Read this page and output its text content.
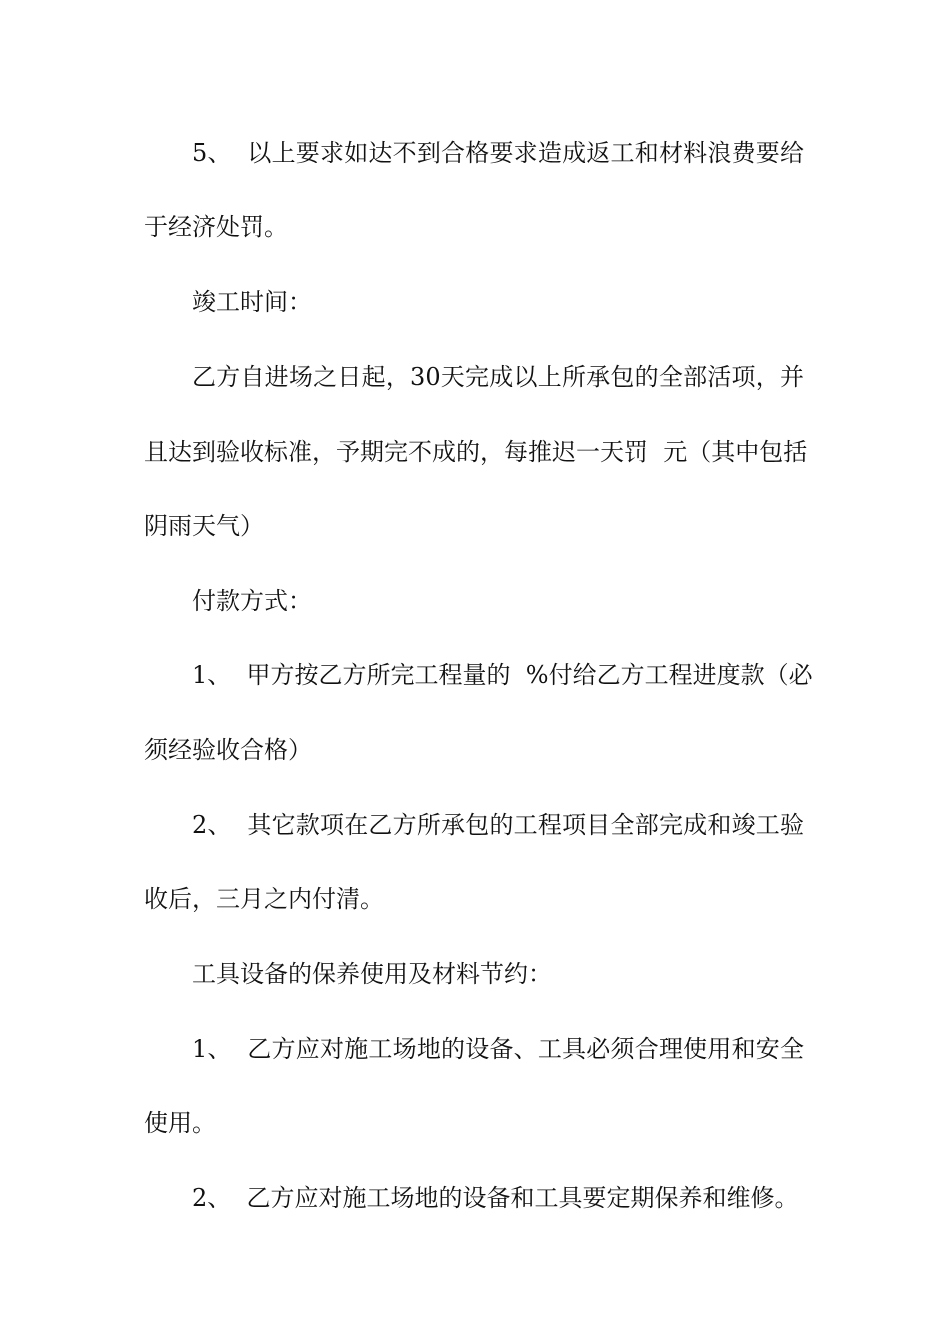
5、  以上要求如达不到合格要求造成返工和材料浪费要给

于经济处罚。

竣工时间：

乙方自进场之日起，30天完成以上所承包的全部活项，并

且达到验收标准，予期完不成的，每推迟一天罚  元（其中包括

阴雨天气）

付款方式：

1、  甲方按乙方所完工程量的  %付给乙方工程进度款（必

须经验收合格）

2、  其它款项在乙方所承包的工程项目全部完成和竣工验

收后，三月之内付清。

工具设备的保养使用及材料节约：

1、  乙方应对施工场地的设备、工具必须合理使用和安全

使用。

2、  乙方应对施工场地的设备和工具要定期保养和维修。
